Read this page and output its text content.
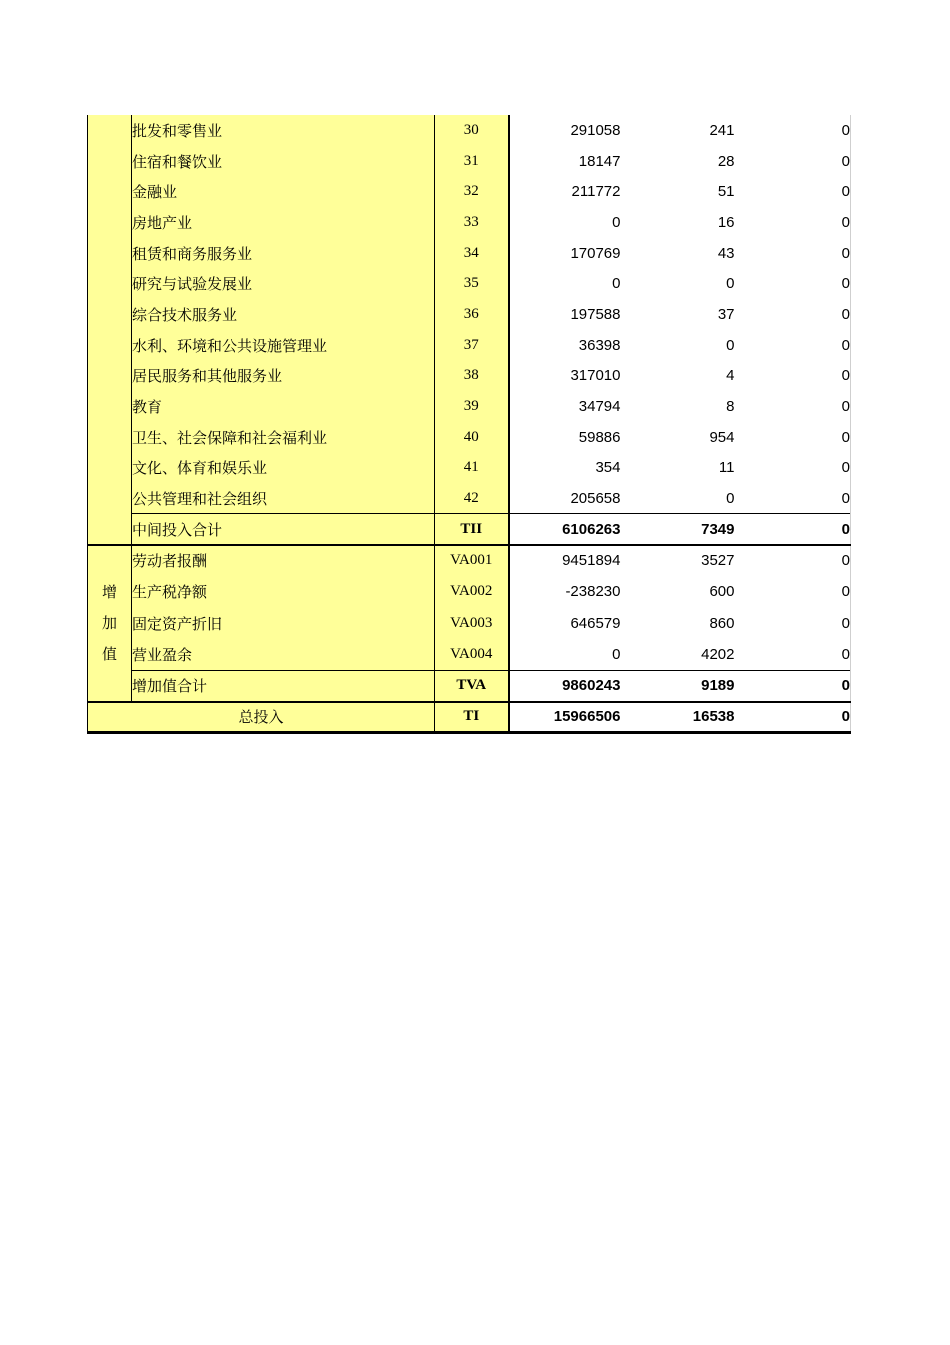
	批发和零售业	30	291058	241	0
	住宿和餐饮业	31	18147	28	0
	金融业	32	211772	51	0
	房地产业	33	0	16	0
	租赁和商务服务业	34	170769	43	0
	研究与试验发展业	35	0	0	0
	综合技术服务业	36	197588	37	0
	水利、环境和公共设施管理业	37	36398	0	0
	居民服务和其他服务业	38	317010	4	0
	教育	39	34794	8	0
	卫生、社会保障和社会福利业	40	59886	954	0
	文化、体育和娱乐业	41	354	11	0
	公共管理和社会组织	42	205658	0	0
	中间投入合计	TII	6106263	7349	0

增
加
值	劳动者报酬	VA001	9451894	3527	0
	生产税净额	VA002	-238230	600	0
	固定资产折旧	VA003	646579	860	0
	营业盈余	VA004	0	4202	0
	增加值合计	TVA	9860243	9189	0
总投入		TI	15966506	16538	0
